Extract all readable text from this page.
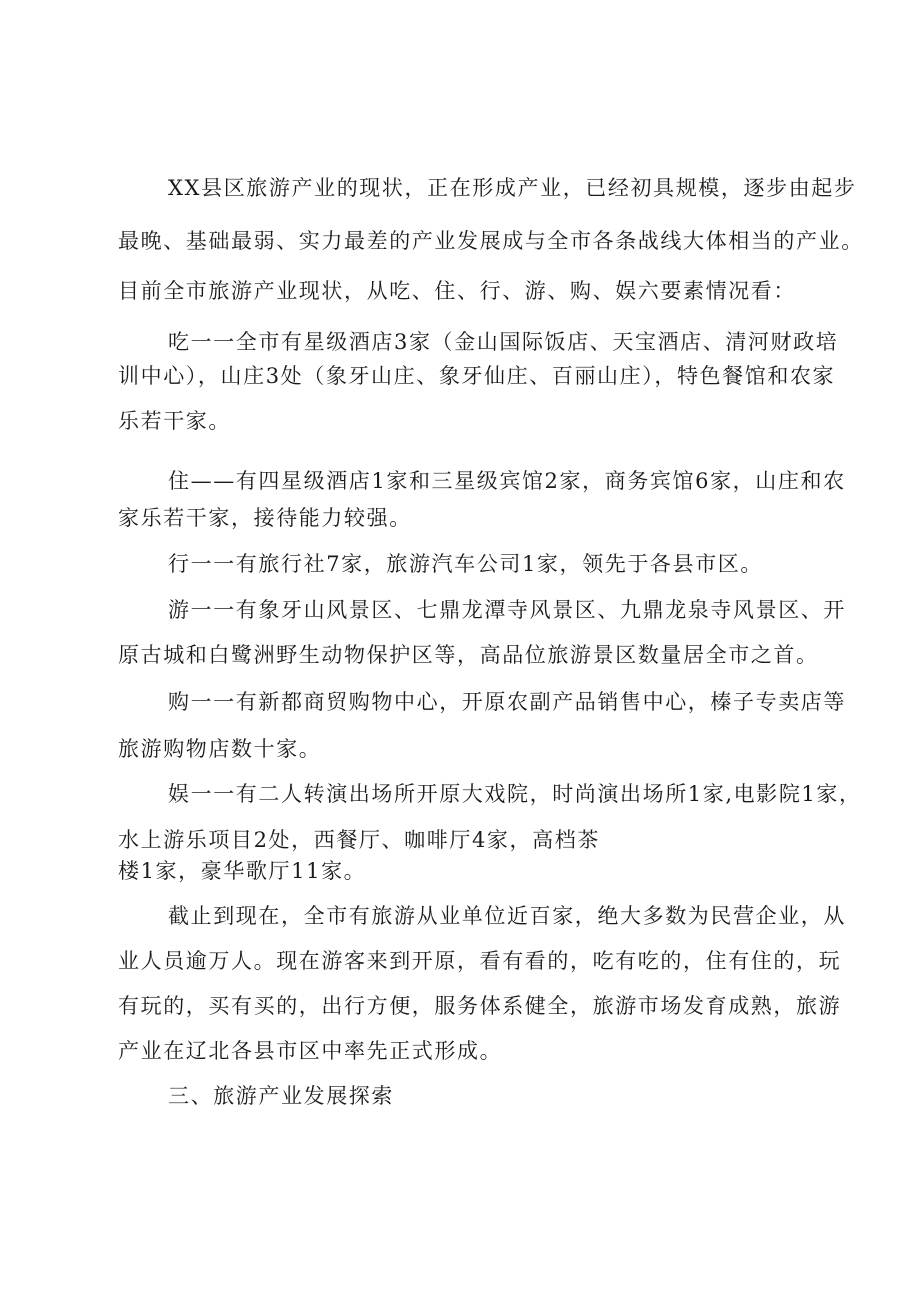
XX县区旅游产业的现状，正在形成产业，已经初具规模，逐步由起步
最晚、基础最弱、实力最差的产业发展成与全市各条战线大体相当的产业。
目前全市旅游产业现状，从吃、住、行、游、购、娱六要素情况看：
吃一一全市有星级酒店3家（金山国际饭店、天宝酒店、清河财政培
训中心），山庄3处（象牙山庄、象牙仙庄、百丽山庄），特色餐馆和农家
乐若干家。
住——有四星级酒店1家和三星级宾馆2家，商务宾馆6家，山庄和农
家乐若干家，接待能力较强。
行一一有旅行社7家，旅游汽车公司1家，领先于各县市区。
游一一有象牙山风景区、七鼎龙潭寺风景区、九鼎龙泉寺风景区、开
原古城和白鹭洲野生动物保护区等，高品位旅游景区数量居全市之首。
购一一有新都商贸购物中心，开原农副产品销售中心，榛子专卖店等
旅游购物店数十家。
娱一一有二人转演出场所开原大戏院，时尚演出场所1家,电影院1家，
水上游乐项目2处，西餐厅、咖啡厅4家，高档茶
楼1家，豪华歌厅11家。
截止到现在，全市有旅游从业单位近百家，绝大多数为民营企业，从
业人员逾万人。现在游客来到开原，看有看的，吃有吃的，住有住的，玩
有玩的，买有买的，出行方便，服务体系健全，旅游市场发育成熟，旅游
产业在辽北各县市区中率先正式形成。
三、旅游产业发展探索
